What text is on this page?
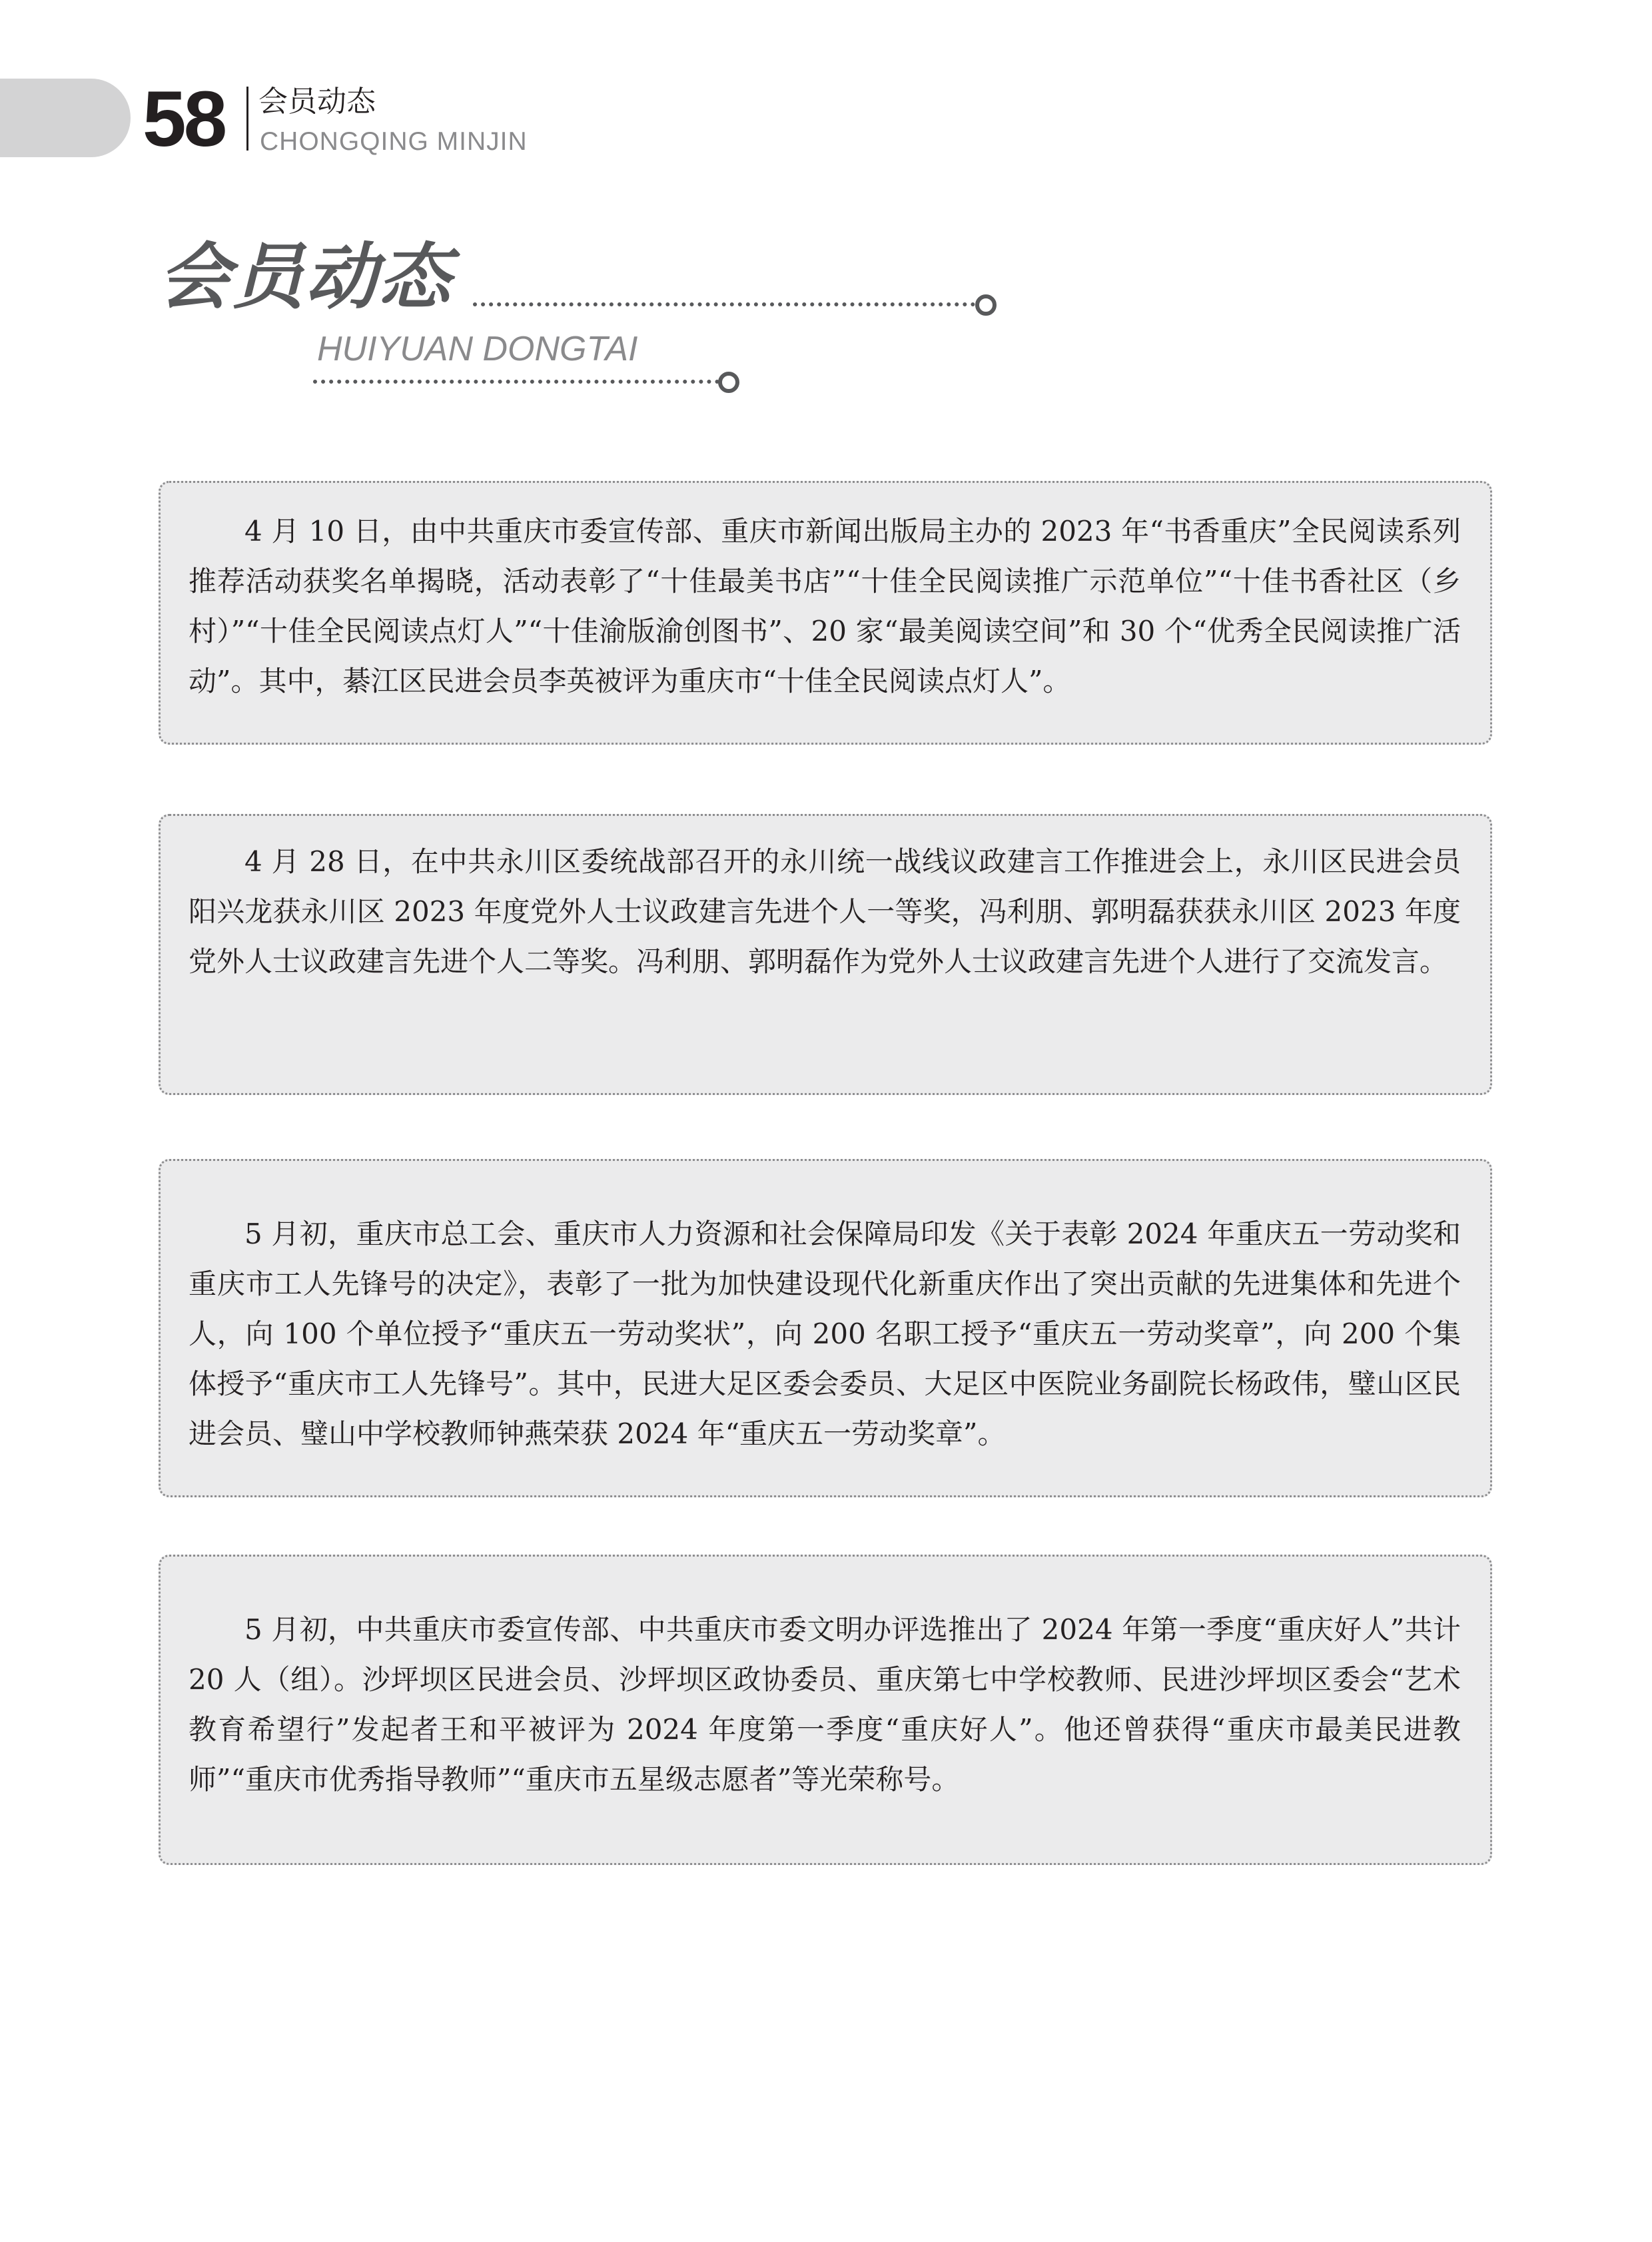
58 会员动态
CHONGQING MINJIN
会员动态
HUIYUAN DONGTAI

4 月 10 日，由中共重庆市委宣传部、重庆市新闻出版局主办的 2023 年“书香重庆”全民阅读系列推荐活动获奖名单揭晓，活动表彰了“十佳最美书店”“十佳全民阅读推广示范单位”“十佳书香社区（乡村）”“十佳全民阅读点灯人”“十佳渝版渝创图书”、20 家“最美阅读空间”和 30 个“优秀全民阅读推广活动”。其中，綦江区民进会员李英被评为重庆市“十佳全民阅读点灯人”。

4 月 28 日，在中共永川区委统战部召开的永川统一战线议政建言工作推进会上，永川区民进会员阳兴龙获永川区 2023 年度党外人士议政建言先进个人一等奖，冯利朋、郭明磊获获永川区 2023 年度党外人士议政建言先进个人二等奖。冯利朋、郭明磊作为党外人士议政建言先进个人进行了交流发言。

5 月初，重庆市总工会、重庆市人力资源和社会保障局印发《关于表彰 2024 年重庆五一劳动奖和重庆市工人先锋号的决定》，表彰了一批为加快建设现代化新重庆作出了突出贡献的先进集体和先进个人，向 100 个单位授予“重庆五一劳动奖状”，向 200 名职工授予“重庆五一劳动奖章”，向 200 个集体授予“重庆市工人先锋号”。其中，民进大足区委会委员、大足区中医院业务副院长杨政伟，璧山区民进会员、璧山中学校教师钟燕荣获 2024 年“重庆五一劳动奖章”。

5 月初，中共重庆市委宣传部、中共重庆市委文明办评选推出了 2024 年第一季度“重庆好人”共计 20 人（组）。沙坪坝区民进会员、沙坪坝区政协委员、重庆第七中学校教师、民进沙坪坝区委会“艺术教育希望行”发起者王和平被评为 2024 年度第一季度“重庆好人”。他还曾获得“重庆市最美民进教师”“重庆市优秀指导教师”“重庆市五星级志愿者”等光荣称号。
